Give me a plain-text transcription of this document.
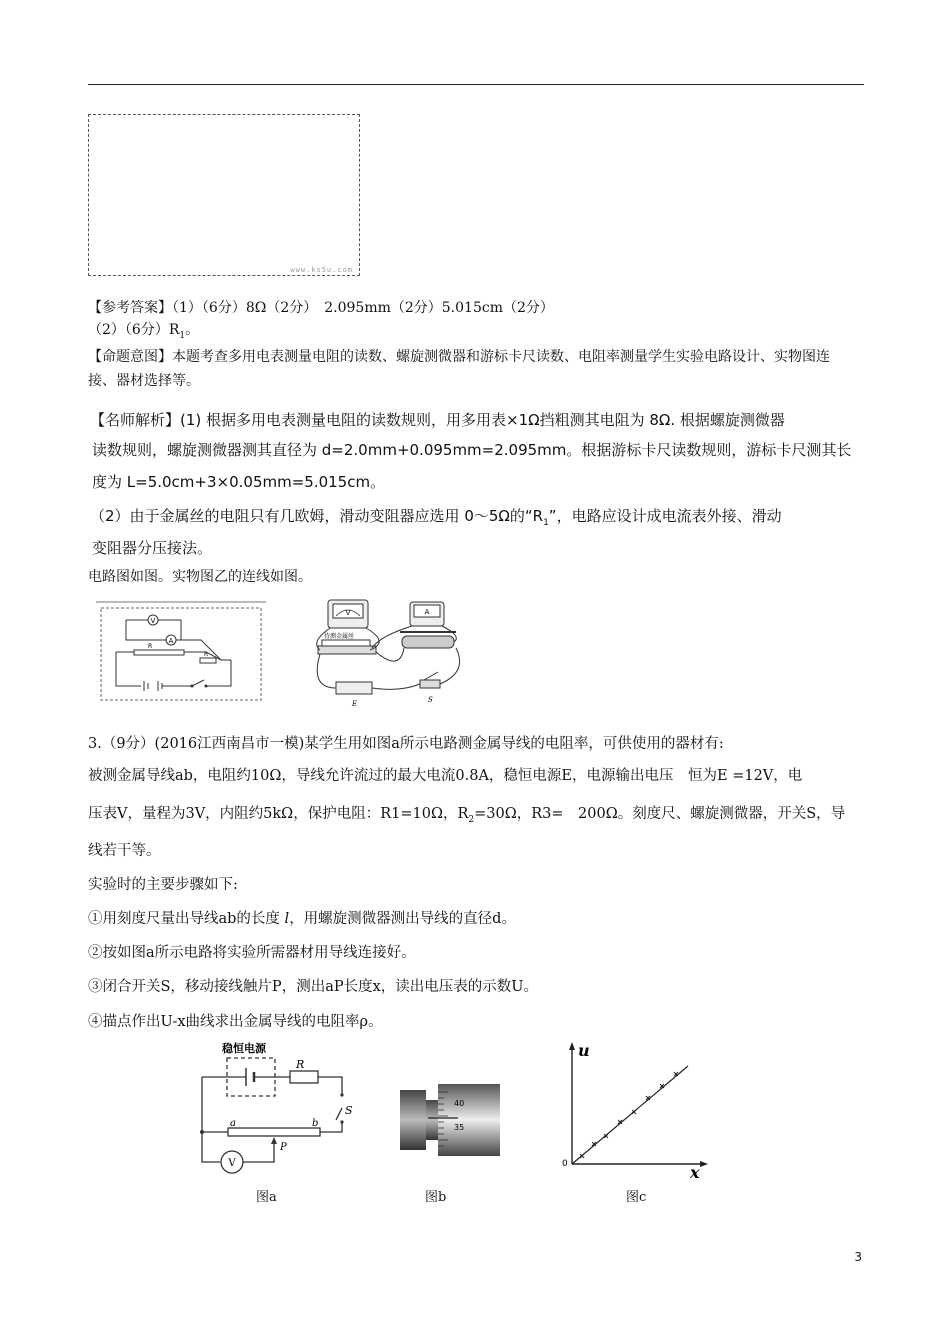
www.ks5u.com
【参考答案】（1）（6分）8Ω（2分）　2.095mm（2分）5.015cm（2分）
（2）（6分）$R_1$。
【命题意图】本题考查多用电表测量电阻的读数、螺旋测微器和游标卡尺读数、电阻率测量学生实验电路设计、实物图连
接、器材选择等。
【名师解析】(1) 根据多用电表测量电阻的读数规则，用多用表×1Ω挡粗测其电阻为 8Ω. 根据螺旋测微器
读数规则，螺旋测微器测其直径为 d=2.0mm+0.095mm=2.095mm。根据游标卡尺读数规则，游标卡尺测其长
度为 L=5.0cm+3×0.05mm=5.015cm。
（2）由于金属丝的电阻只有几欧姆，滑动变阻器应选用 0～5Ω的“$R_1$”，电路应设计成电流表外接、滑动
变阻器分压接法。
电路图如图。实物图乙的连线如图。
V
A
R
R
V	A
待测金属丝
E	S
3.（9分）(2016江西南昌市一模)某学生用如图a所示电路测金属导线的电阻率，可供使用的器材有:
被测金属导线ab，电阻约10Ω，导线允许流过的最大电流0.8A，稳恒电源E，电源输出电压　恒为E =12V，电
压表V，量程为3V，内阻约5kΩ，保护电阻：R1=10Ω，$R_2=30\Omega$，R3=　200Ω。刻度尺、螺旋测微器，开关S，导
线若干等。
实验时的主要步骤如下:
①用刻度尺量出导线ab的长度 l，用螺旋测微器测出导线的直径d。
②按如图a所示电路将实验所需器材用导线连接好。
③闭合开关S，移动接线触片P，测出aP长度x，读出电压表的示数U。
④描点作出U-x曲线求出金属导线的电阻率ρ。
稳恒电源
R
S
a	b
P
V
图a
40
35
图b
u
x
0
图c
3
